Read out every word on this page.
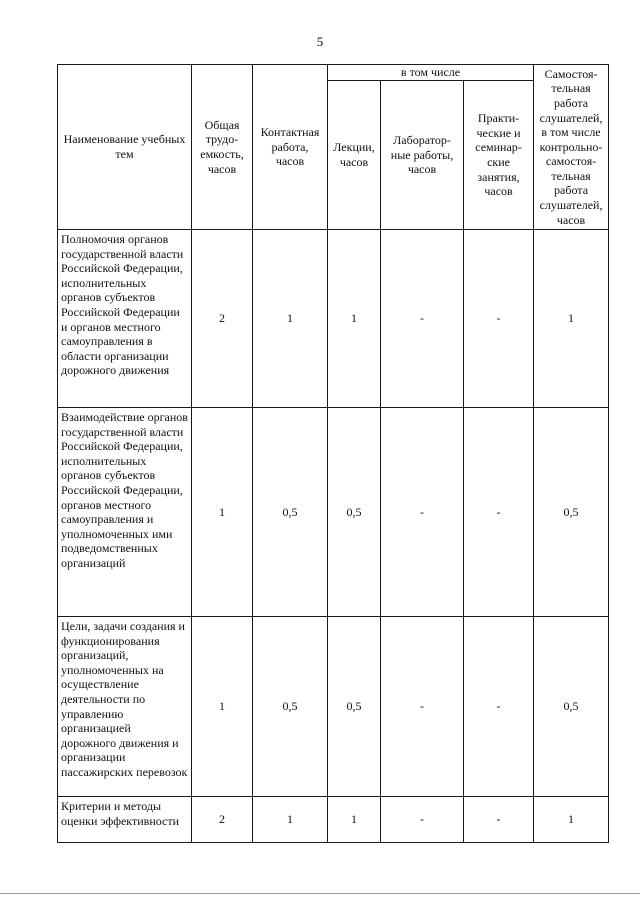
5
Наименование учебных тем	Общая трудо-емкость, часов	Контактная работа, часов	в том числе			Самостоя-тельная работа слушателей, в том числе контрольно-самостоя-тельная работа слушателей, часов
			Лекции, часов	Лаборатор-ные работы, часов	Практи-ческие и семинар-ские занятия, часов	
Полномочия органов государственной власти Российской Федерации, исполнительных органов субъектов Российской Федерации и органов местного самоуправления в области организации дорожного движения	2	1	1	-	-	1
Взаимодействие органов государственной власти Российской Федерации, исполнительных органов субъектов Российской Федерации, органов местного самоуправления и уполномоченных ими подведомственных организаций	1	0,5	0,5	-	-	0,5
Цели, задачи создания и функционирования организаций, уполномоченных на осуществление деятельности по управлению организацией дорожного движения и организации пассажирских перевозок	1	0,5	0,5	-	-	0,5
Критерии и методы оценки эффективности	2	1	1	-	-	1
